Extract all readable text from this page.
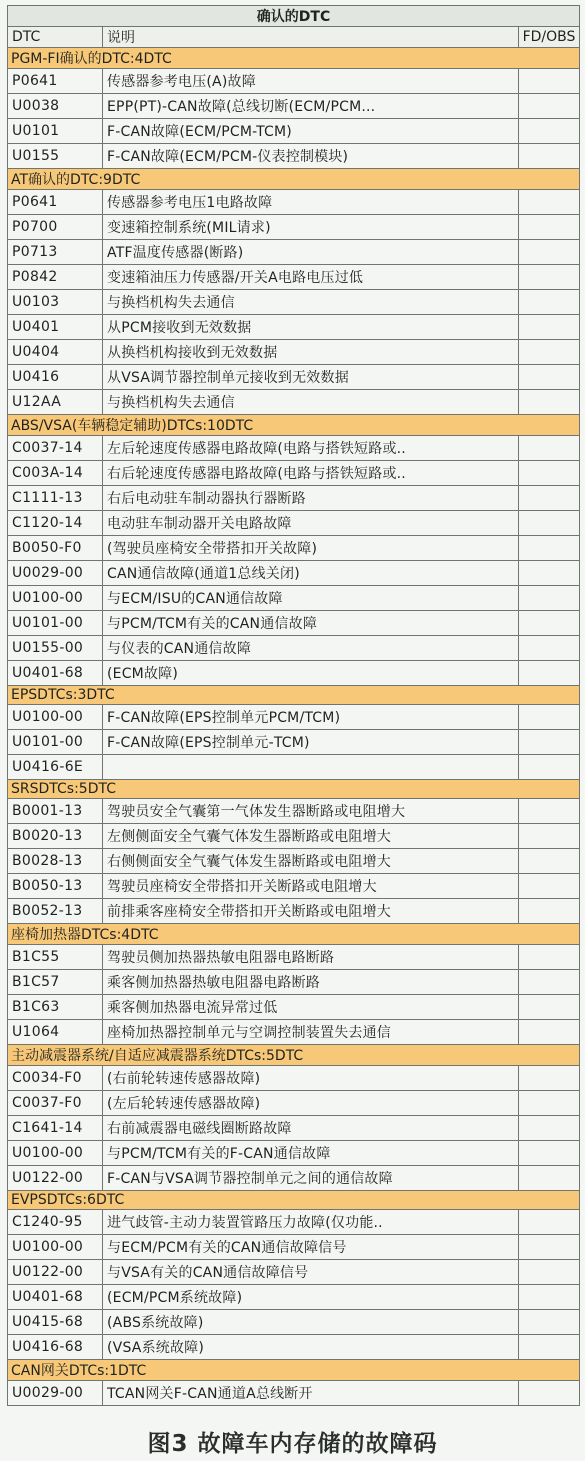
确认的DTC		
DTC	说明	FD/OBS
PGM-FI确认的DTC:4DTC		
P0641	传感器参考电压(A)故障	
U0038	EPP(PT)-CAN故障(总线切断(ECM/PCM...	
U0101	F-CAN故障(ECM/PCM-TCM)	
U0155	F-CAN故障(ECM/PCM-仪表控制模块)	
AT确认的DTC:9DTC		
P0641	传感器参考电压1电路故障	
P0700	变速箱控制系统(MIL请求)	
P0713	ATF温度传感器(断路)	
P0842	变速箱油压力传感器/开关A电路电压过低	
U0103	与换档机构失去通信	
U0401	从PCM接收到无效数据	
U0404	从换档机构接收到无效数据	
U0416	从VSA调节器控制单元接收到无效数据	
U12AA	与换档机构失去通信	
ABS/VSA(车辆稳定辅助)DTCs:10DTC		
C0037-14	左后轮速度传感器电路故障(电路与搭铁短路或..	
C003A-14	右后轮速度传感器电路故障(电路与搭铁短路或..	
C1111-13	右后电动驻车制动器执行器断路	
C1120-14	电动驻车制动器开关电路故障	
B0050-F0	(驾驶员座椅安全带搭扣开关故障)	
U0029-00	CAN通信故障(通道1总线关闭)	
U0100-00	与ECM/ISU的CAN通信故障	
U0101-00	与PCM/TCM有关的CAN通信故障	
U0155-00	与仪表的CAN通信故障	
U0401-68	(ECM故障)	
EPSDTCs:3DTC		
U0100-00	F-CAN故障(EPS控制单元PCM/TCM)	
U0101-00	F-CAN故障(EPS控制单元-TCM)	
U0416-6E		
SRSDTCs:5DTC		
B0001-13	驾驶员安全气囊第一气体发生器断路或电阻增大	
B0020-13	左侧侧面安全气囊气体发生器断路或电阻增大	
B0028-13	右侧侧面安全气囊气体发生器断路或电阻增大	
B0050-13	驾驶员座椅安全带搭扣开关断路或电阻增大	
B0052-13	前排乘客座椅安全带搭扣开关断路或电阻增大	
座椅加热器DTCs:4DTC		
B1C55	驾驶员侧加热器热敏电阻器电路断路	
B1C57	乘客侧加热器热敏电阻器电路断路	
B1C63	乘客侧加热器电流异常过低	
U1064	座椅加热器控制单元与空调控制装置失去通信	
主动减震器系统/自适应减震器系统DTCs:5DTC		
C0034-F0	(右前轮转速传感器故障)	
C0037-F0	(左后轮转速传感器故障)	
C1641-14	右前减震器电磁线圈断路故障	
U0100-00	与PCM/TCM有关的F-CAN通信故障	
U0122-00	F-CAN与VSA调节器控制单元之间的通信故障	
EVPSDTCs:6DTC		
C1240-95	进气歧管-主动力装置管路压力故障(仅功能..	
U0100-00	与ECM/PCM有关的CAN通信故障信号	
U0122-00	与VSA有关的CAN通信故障信号	
U0401-68	(ECM/PCM系统故障)	
U0415-68	(ABS系统故障)	
U0416-68	(VSA系统故障)	
CAN网关DTCs:1DTC		
U0029-00	TCAN网关F-CAN通道A总线断开	
图3 故障车内存储的故障码
